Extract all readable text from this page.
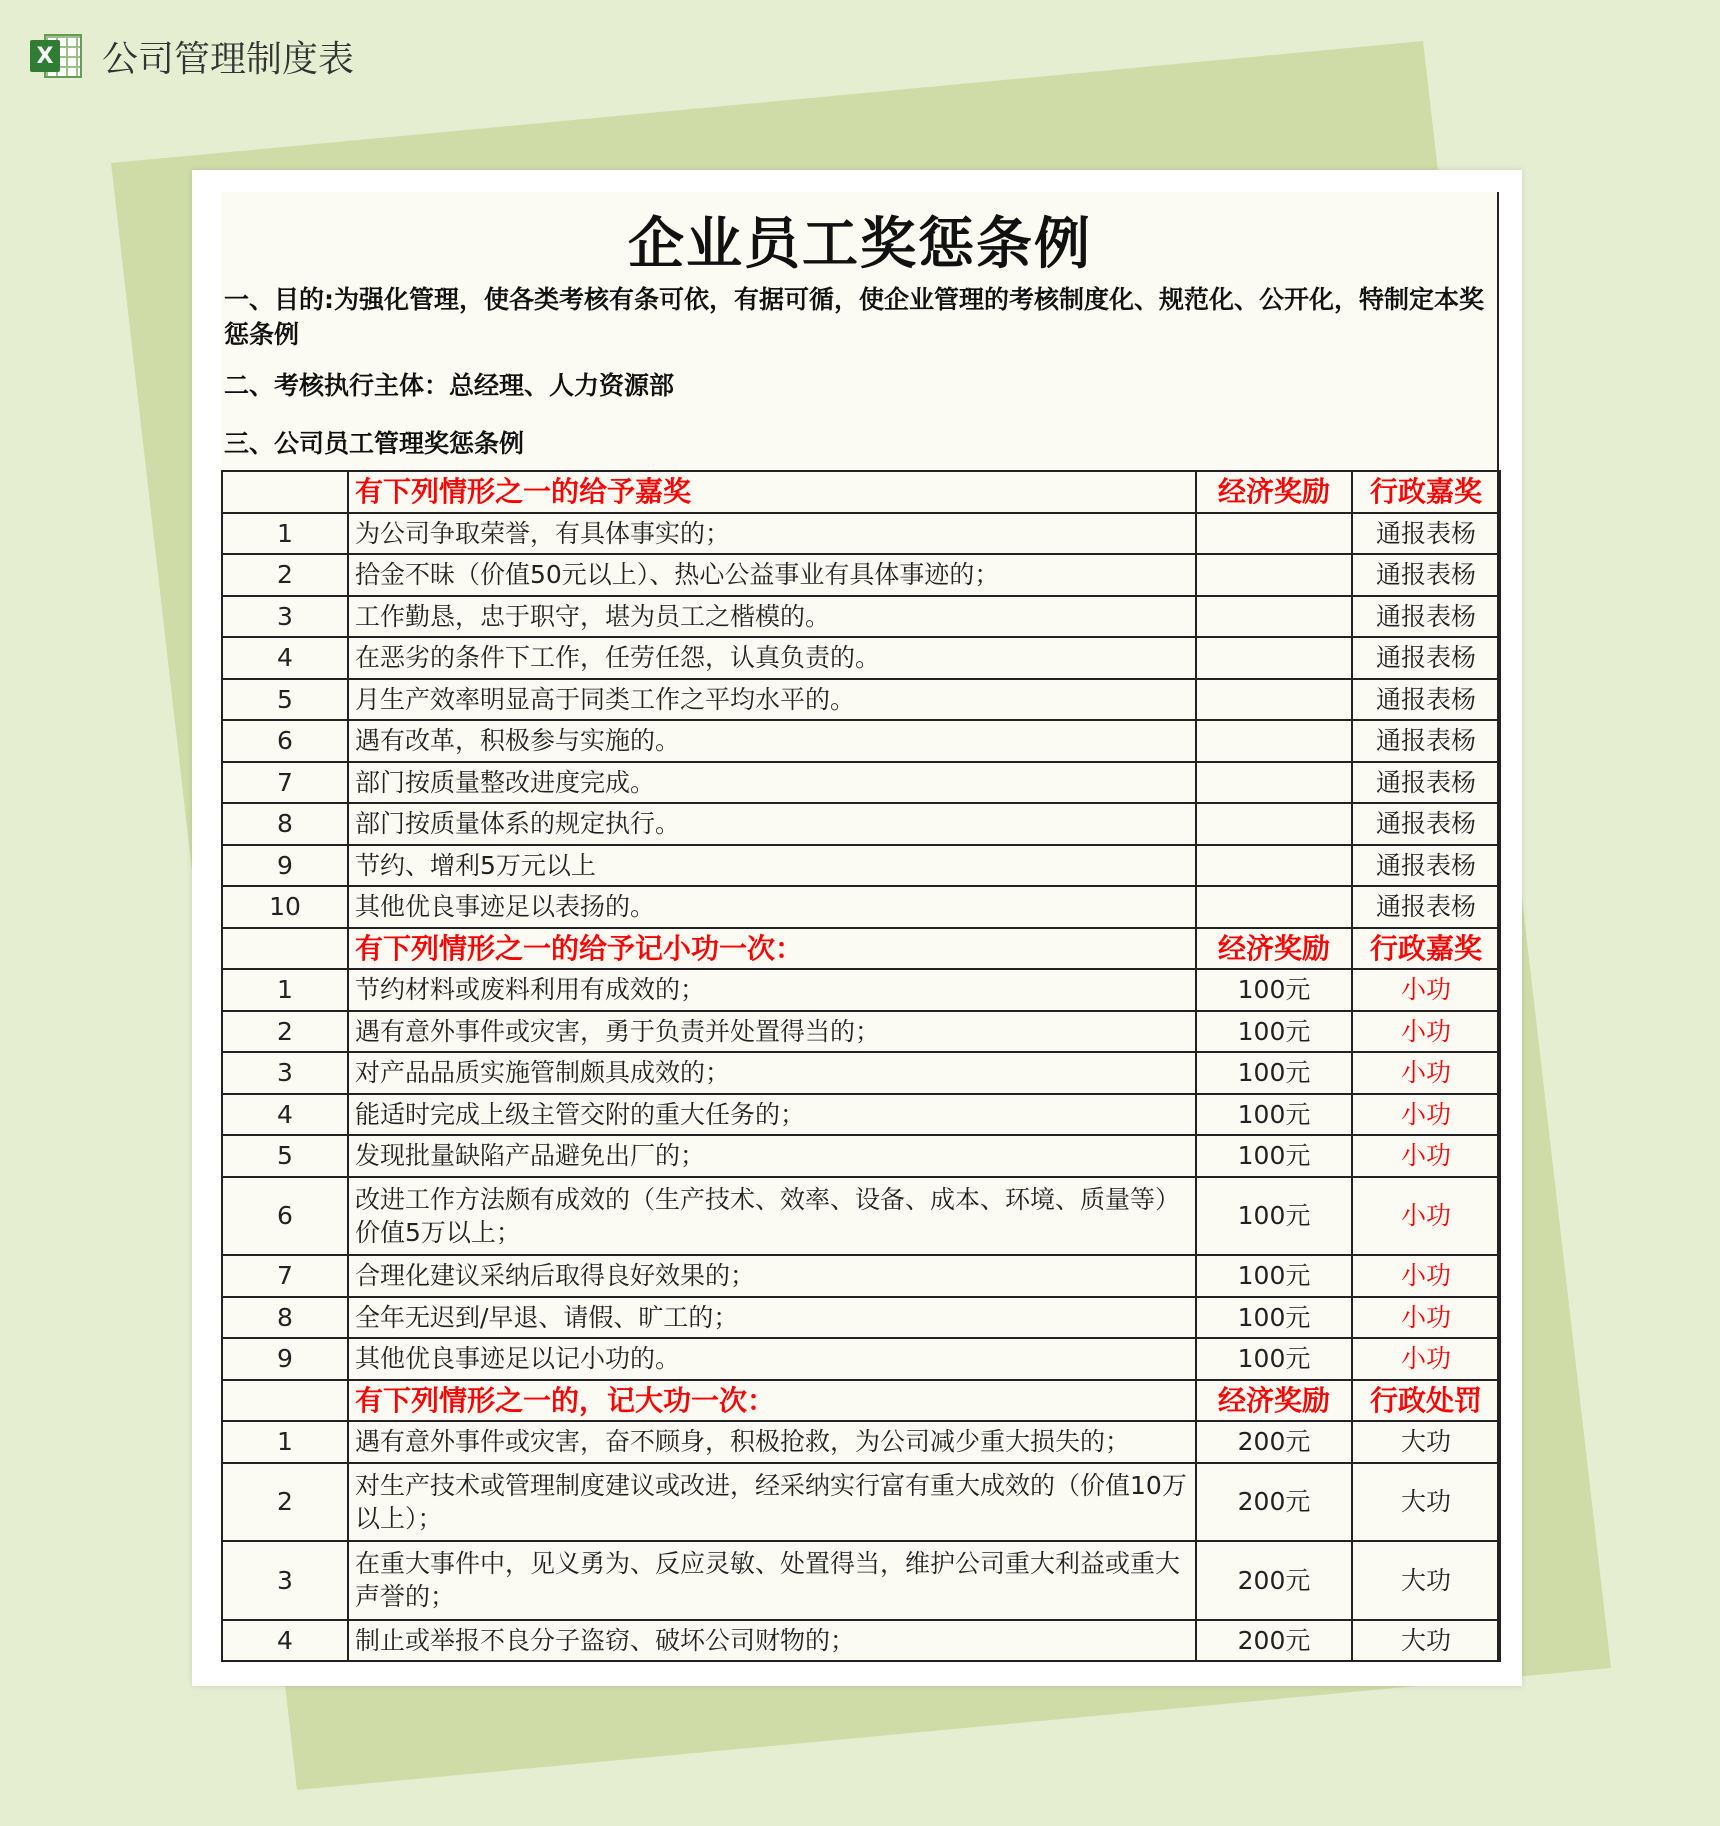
X 公司管理制度表
企业员工奖惩条例
一、目的:为强化管理，使各类考核有条可依，有据可循，使企业管理的考核制度化、规范化、公开化，特制定本奖惩条例
二、考核执行主体：总经理、人力资源部
三、公司员工管理奖惩条例
	有下列情形之一的给予嘉奖	经济奖励	行政嘉奖
1	为公司争取荣誉，有具体事实的；		通报表杨
2	拾金不昧（价值50元以上）、热心公益事业有具体事迹的；		通报表杨
3	工作勤恳，忠于职守，堪为员工之楷模的。		通报表杨
4	在恶劣的条件下工作，任劳任怨，认真负责的。		通报表杨
5	月生产效率明显高于同类工作之平均水平的。		通报表杨
6	遇有改革，积极参与实施的。		通报表杨
7	部门按质量整改进度完成。		通报表杨
8	部门按质量体系的规定执行。		通报表杨
9	节约、增利5万元以上		通报表杨
10	其他优良事迹足以表扬的。		通报表杨
	有下列情形之一的给予记小功一次：	经济奖励	行政嘉奖
1	节约材料或废料利用有成效的；	100元	小功
2	遇有意外事件或灾害，勇于负责并处置得当的；	100元	小功
3	对产品品质实施管制颇具成效的；	100元	小功
4	能适时完成上级主管交附的重大任务的；	100元	小功
5	发现批量缺陷产品避免出厂的；	100元	小功
6	改进工作方法颇有成效的（生产技术、效率、设备、成本、环境、质量等）价值5万以上；	100元	小功
7	合理化建议采纳后取得良好效果的；	100元	小功
8	全年无迟到/早退、请假、旷工的；	100元	小功
9	其他优良事迹足以记小功的。	100元	小功
	有下列情形之一的，记大功一次：	经济奖励	行政处罚
1	遇有意外事件或灾害，奋不顾身，积极抢救，为公司减少重大损失的；	200元	大功
2	对生产技术或管理制度建议或改进，经采纳实行富有重大成效的（价值10万以上）；	200元	大功
3	在重大事件中，见义勇为、反应灵敏、处置得当，维护公司重大利益或重大声誉的；	200元	大功
4	制止或举报不良分子盗窃、破坏公司财物的；	200元	大功
